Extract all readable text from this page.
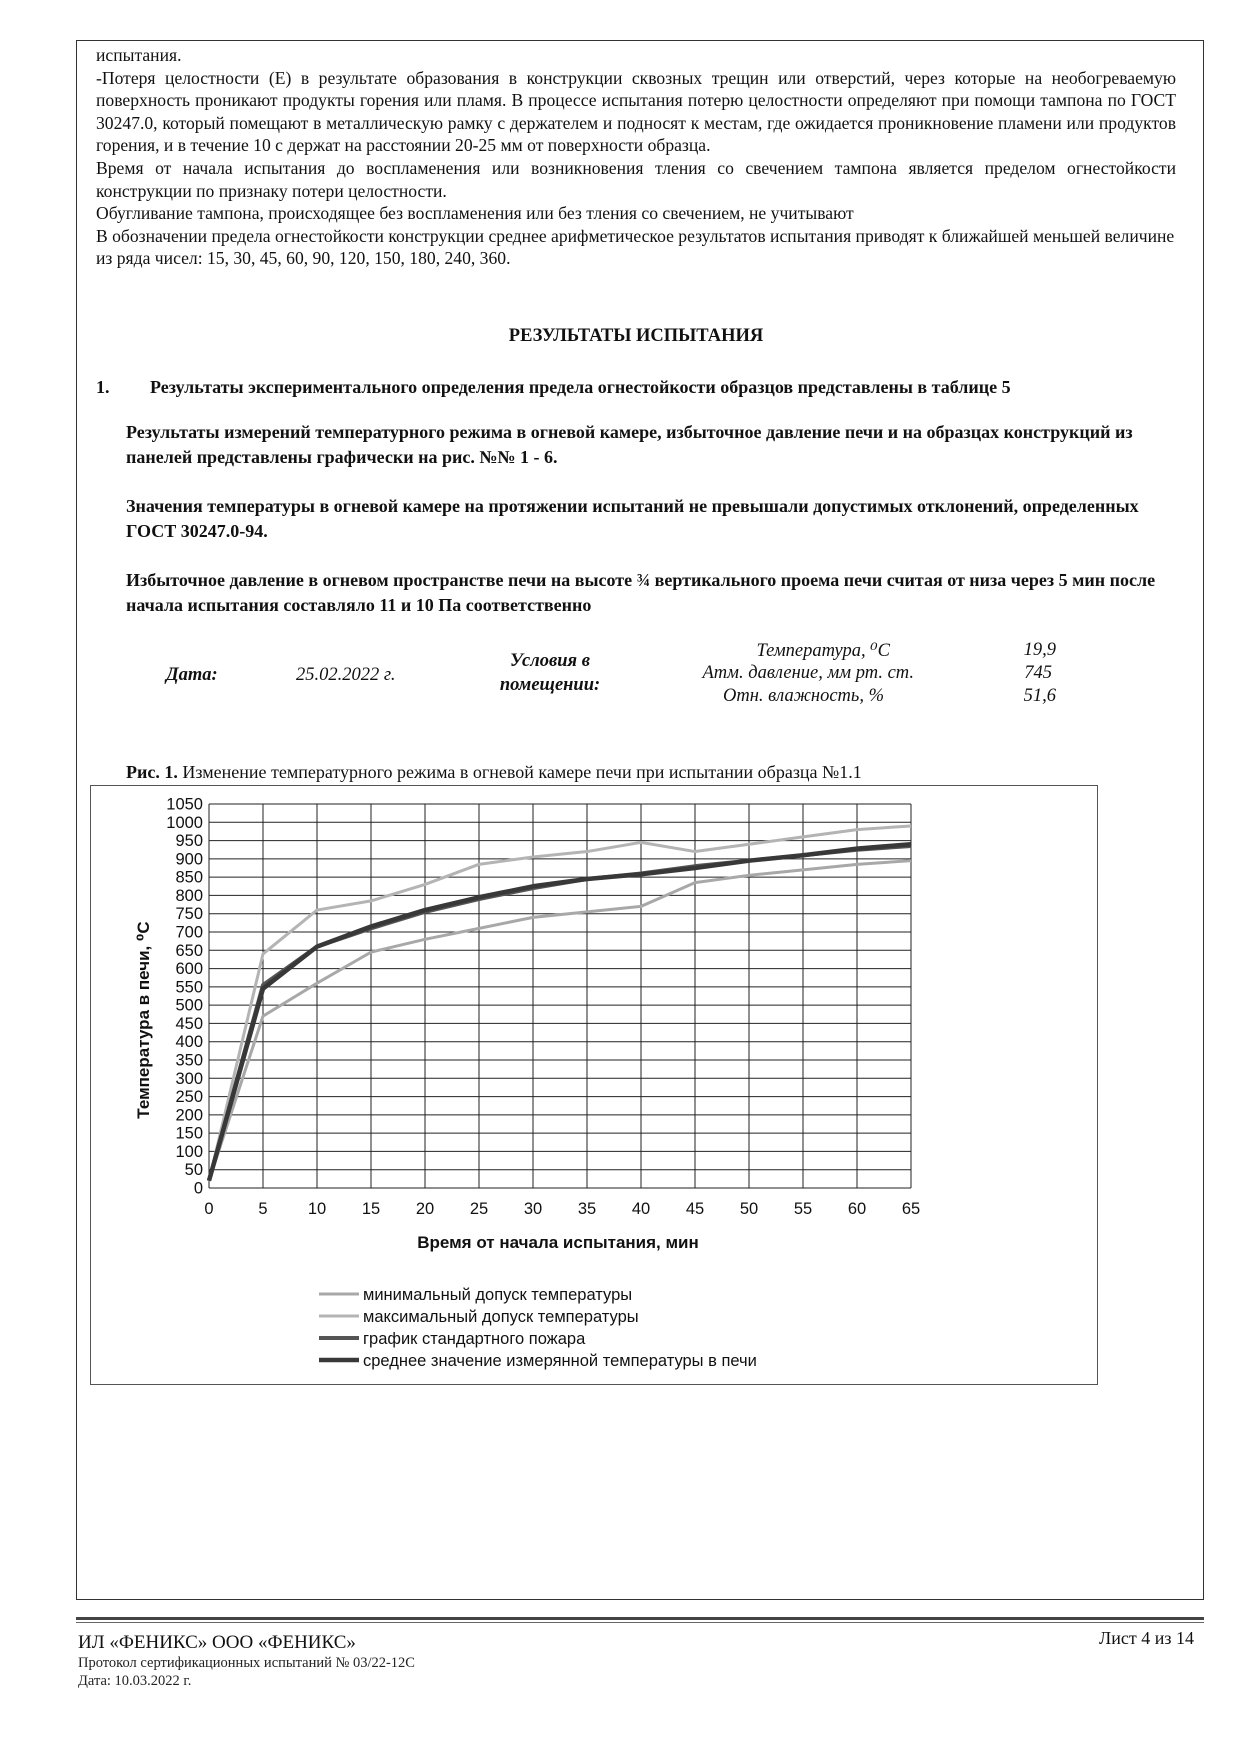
испытания.

-Потеря целостности (Е) в результате образования в конструкции сквозных трещин или отверстий, через которые на необогреваемую поверхность проникают продукты горения или пламя. В процессе испытания потерю целостности определяют при помощи тампона по ГОСТ 30247.0, который помещают в металлическую рамку с держателем и подносят к местам, где ожидается проникновение пламени или продуктов горения, и в течение 10 с держат на расстоянии 20-25 мм от поверхности образца.

Время от начала испытания до воспламенения или возникновения тления со свечением тампона является пределом огнестойкости конструкции по признаку потери целостности.

Обугливание тампона, происходящее без воспламенения или без тления со свечением, не учитывают

В обозначении предела огнестойкости конструкции среднее арифметическое результатов испытания приводят к ближайшей меньшей величине из ряда чисел: 15, 30, 45, 60, 90, 120, 150, 180, 240, 360.

РЕЗУЛЬТАТЫ ИСПЫТАНИЯ
1. Результаты экспериментального определения предела огнестойкости образцов представлены в таблице 5
Результаты измерений температурного режима в огневой камере, избыточное давление печи и на образцах конструкций из панелей представлены графически на рис. №№ 1 - 6.
Значения температуры в огневой камере на протяжении испытаний не превышали допустимых отклонений, определенных ГОСТ 30247.0-94.
Избыточное давление в огневом пространстве печи на высоте ¾ вертикального проема печи считая от низа через 5 мин после начала испытания составляло 11 и 10 Па соответственно
Дата:	25.02.2022 г.
Условия в
помещении:
Температура, ⁰С	19,9
Атм. давление, мм рт. ст.	745
Отн. влажность, %	51,6
Рис. 1. Изменение температурного режима в огневой камере печи при испытании образца №1.1
0
50
100
150
200
250
300
350
400
450
500
550
600
650
700
750
800
850
900
950
1000
1050
0	5 10 15 20 25 30 35 40 45 50 55 60 65
Температура в печи, ⁰С
Время от начала испытания, мин
минимальный допуск температуры
максимальный допуск температуры
график стандартного пожара
среднее значение измерянной температуры в печи
ИЛ «ФЕНИКС» ООО «ФЕНИКС»
Протокол сертификационных испытаний № 03/22-12С
Дата: 10.03.2022 г.
Лист 4 из 14
